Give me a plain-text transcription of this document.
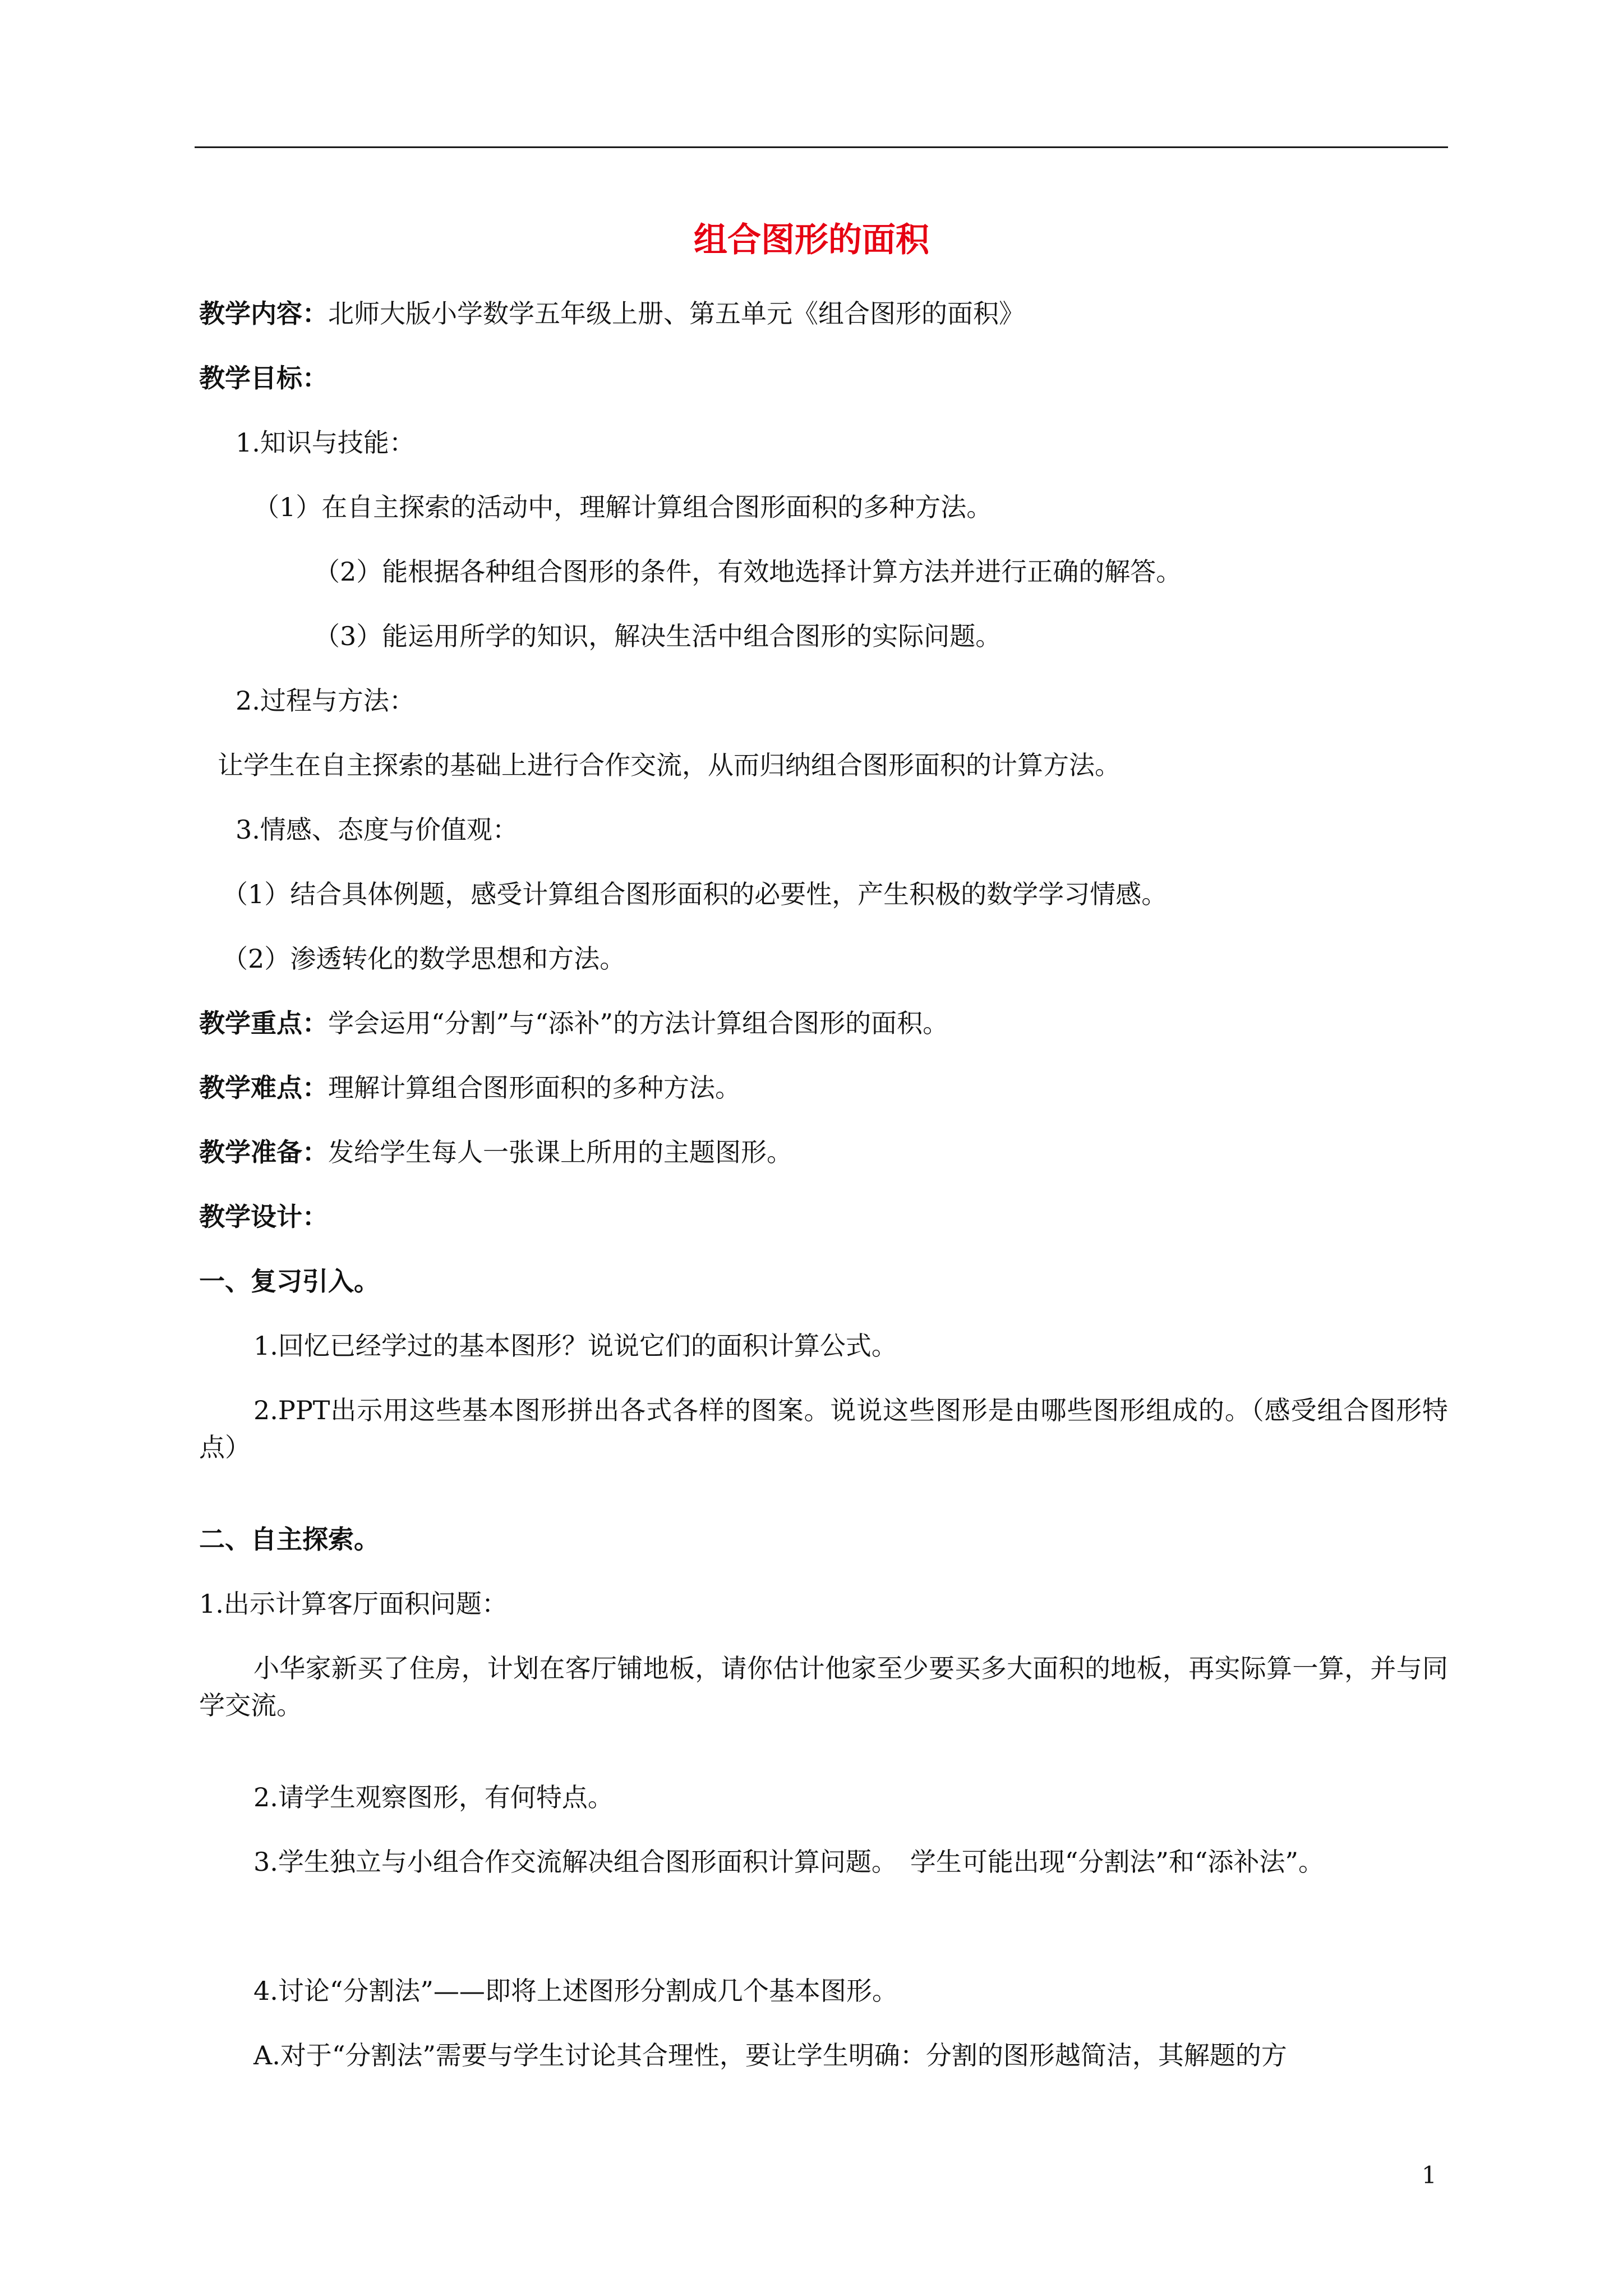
组合图形的面积

教学内容：北师大版小学数学五年级上册、第五单元《组合图形的面积》

教学目标：

1.知识与技能：

（1）在自主探索的活动中，理解计算组合图形面积的多种方法。

（2）能根据各种组合图形的条件，有效地选择计算方法并进行正确的解答。

（3）能运用所学的知识，解决生活中组合图形的实际问题。

2.过程与方法：

让学生在自主探索的基础上进行合作交流，从而归纳组合图形面积的计算方法。

3.情感、态度与价值观：

（1）结合具体例题，感受计算组合图形面积的必要性，产生积极的数学学习情感。

（2）渗透转化的数学思想和方法。

教学重点：学会运用“分割”与“添补”的方法计算组合图形的面积。

教学难点：理解计算组合图形面积的多种方法。

教学准备：发给学生每人一张课上所用的主题图形。

教学设计：

一、复习引入。

1.回忆已经学过的基本图形？说说它们的面积计算公式。

2.PPT出示用这些基本图形拼出各式各样的图案。说说这些图形是由哪些图形组成的。（感受组合图形特点）

二、自主探索。

1.出示计算客厅面积问题：

小华家新买了住房，计划在客厅铺地板，请你估计他家至少要买多大面积的地板，再实际算一算，并与同学交流。

2.请学生观察图形，有何特点。

3.学生独立与小组合作交流解决组合图形面积计算问题。　学生可能出现“分割法”和“添补法”。

4.讨论“分割法”——即将上述图形分割成几个基本图形。

A.对于“分割法”需要与学生讨论其合理性，要让学生明确：分割的图形越简洁，其解题的方

1
